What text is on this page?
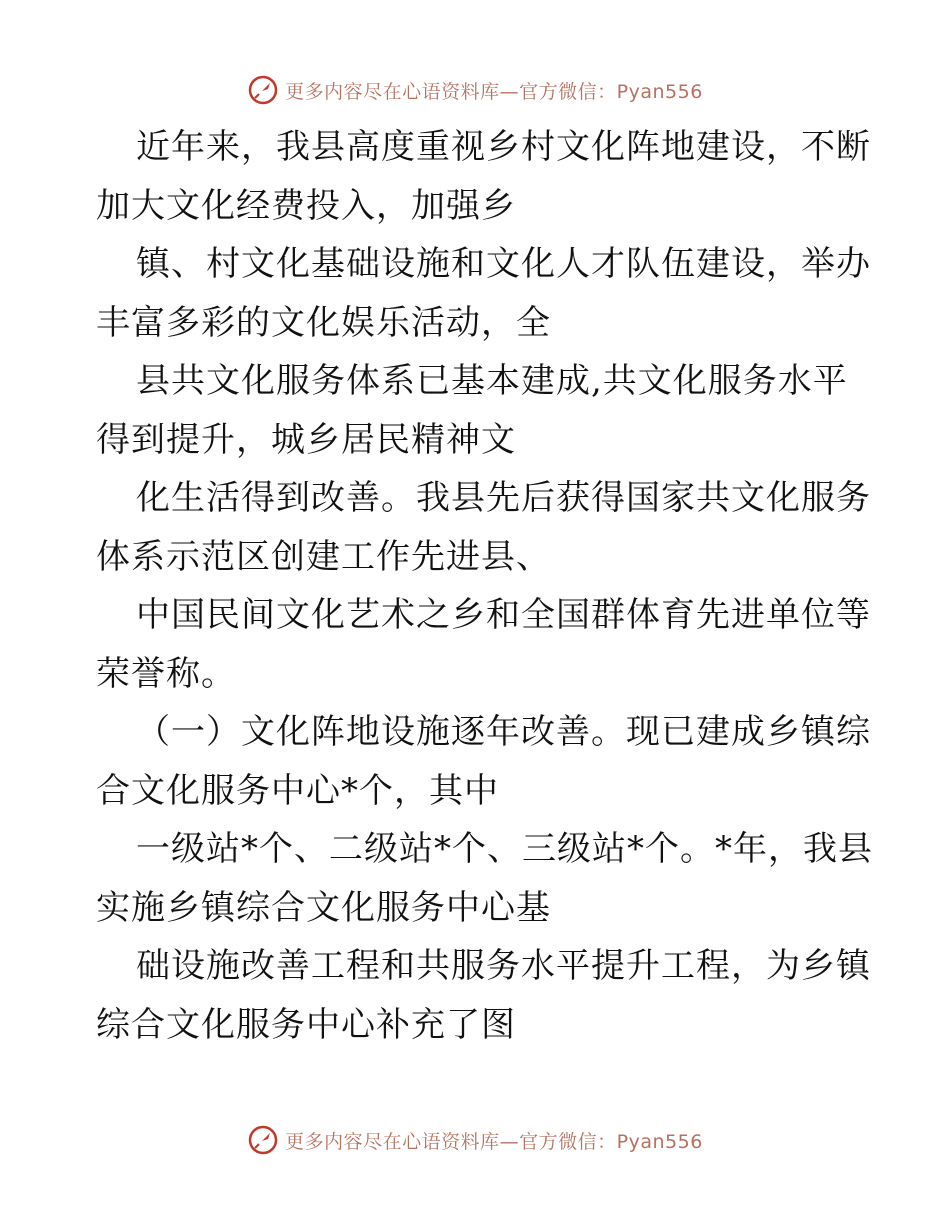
更多内容尽在心语资料库—官方微信：Pyan556
近年来，我县高度重视乡村文化阵地建设，不断
加大文化经费投入，加强乡
镇、村文化基础设施和文化人才队伍建设，举办
丰富多彩的文化娱乐活动，全
县共文化服务体系已基本建成,共文化服务水平
得到提升，城乡居民精神文
化生活得到改善。我县先后获得国家共文化服务
体系示范区创建工作先进县、
中国民间文化艺术之乡和全国群体育先进单位等
荣誉称。
（一）文化阵地设施逐年改善。现已建成乡镇综
合文化服务中心*个，其中
一级站*个、二级站*个、三级站*个。*年，我县
实施乡镇综合文化服务中心基
础设施改善工程和共服务水平提升工程，为乡镇
综合文化服务中心补充了图
更多内容尽在心语资料库—官方微信：Pyan556
